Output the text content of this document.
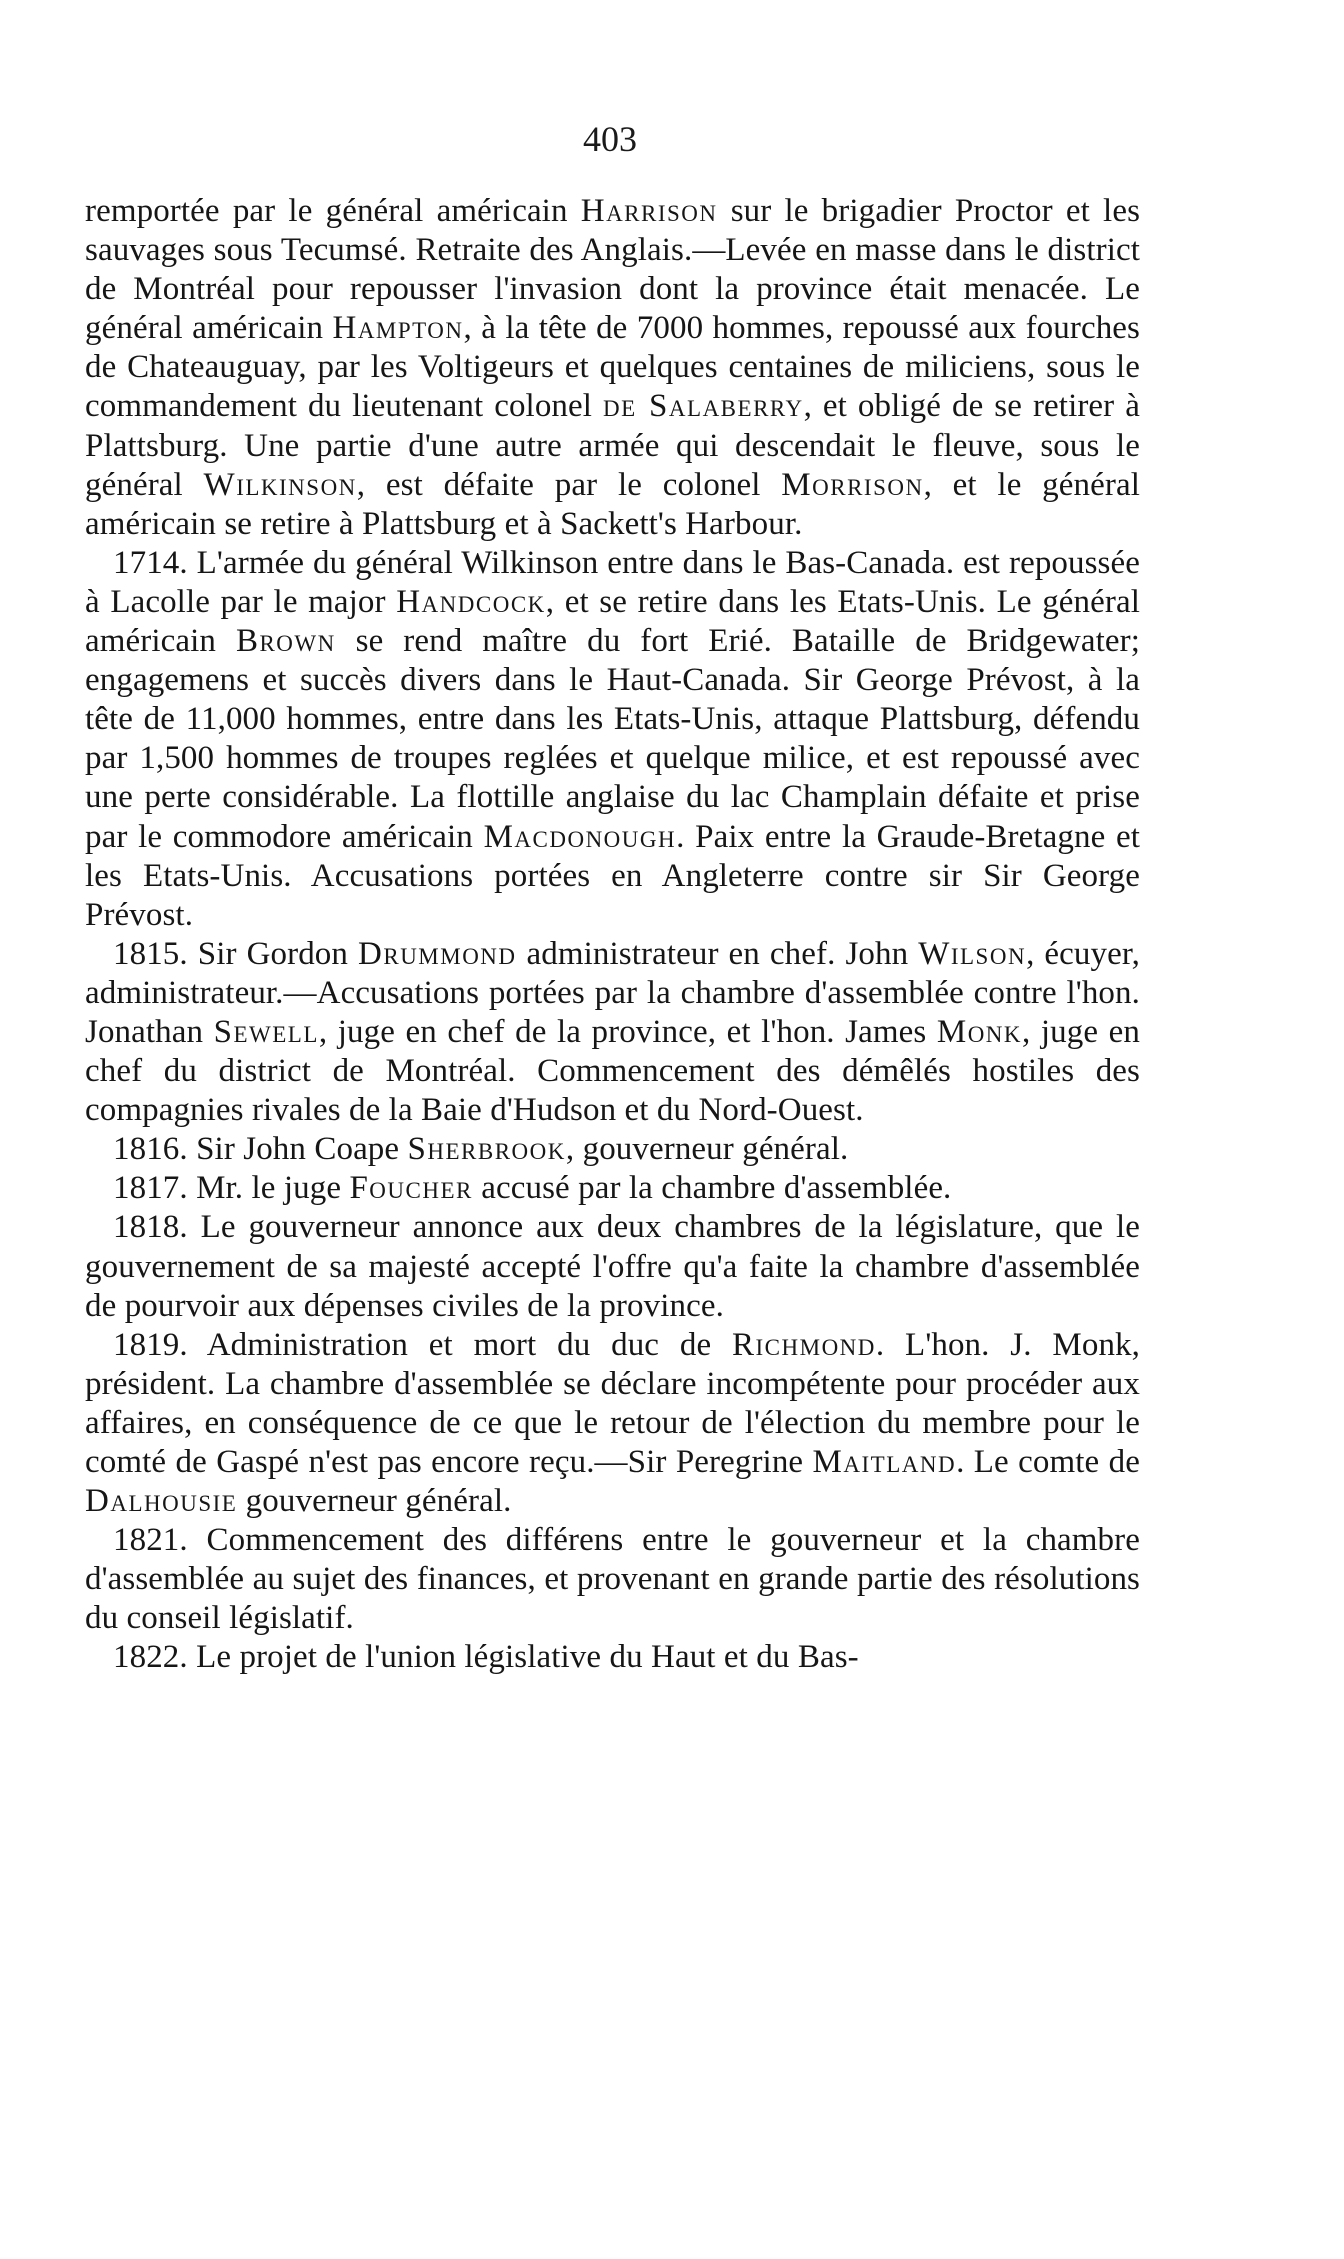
403

remportée par le général américain Harrison sur le brigadier Proctor et les sauvages sous Tecumsé. Retraite des Anglais.—Levée en masse dans le district de Montréal pour repousser l'invasion dont la province était menacée. Le général américain Hampton, à la tête de 7000 hommes, repoussé aux fourches de Chateauguay, par les Voltigeurs et quelques centaines de miliciens, sous le commandement du lieutenant colonel de Salaberry, et obligé de se retirer à Plattsburg. Une partie d'une autre armée qui descendait le fleuve, sous le général Wilkinson, est défaite par le colonel Morrison, et le général américain se retire à Plattsburg et à Sackett's Harbour.

1714. L'armée du général Wilkinson entre dans le Bas-Canada. est repoussée à Lacolle par le major Handcock, et se retire dans les Etats-Unis. Le général américain Brown se rend maître du fort Erié. Bataille de Bridgewater; engagemens et succès divers dans le Haut-Canada. Sir George Prévost, à la tête de 11,000 hommes, entre dans les Etats-Unis, attaque Plattsburg, défendu par 1,500 hommes de troupes reglées et quelque milice, et est repoussé avec une perte considérable. La flottille anglaise du lac Champlain défaite et prise par le commodore américain Macdonough. Paix entre la Graude-Bretagne et les Etats-Unis. Accusations portées en Angleterre contre sir Sir George Prévost.

1815. Sir Gordon Drummond administrateur en chef. John Wilson, écuyer, administrateur.—Accusations portées par la chambre d'assemblée contre l'hon. Jonathan Sewell, juge en chef de la province, et l'hon. James Monk, juge en chef du district de Montréal. Commencement des démêlés hostiles des compagnies rivales de la Baie d'Hudson et du Nord-Ouest.

1816. Sir John Coape Sherbrook, gouverneur général.

1817. Mr. le juge Foucher accusé par la chambre d'assemblée.

1818. Le gouverneur annonce aux deux chambres de la législature, que le gouvernement de sa majesté accepté l'offre qu'a faite la chambre d'assemblée de pourvoir aux dépenses civiles de la province.

1819. Administration et mort du duc de Richmond. L'hon. J. Monk, président. La chambre d'assemblée se déclare incompétente pour procéder aux affaires, en conséquence de ce que le retour de l'élection du membre pour le comté de Gaspé n'est pas encore reçu.—Sir Peregrine Maitland. Le comte de Dalhousie gouverneur général.

1821. Commencement des différens entre le gouverneur et la chambre d'assemblée au sujet des finances, et provenant en grande partie des résolutions du conseil législatif.

1822. Le projet de l'union législative du Haut et du Bas-
